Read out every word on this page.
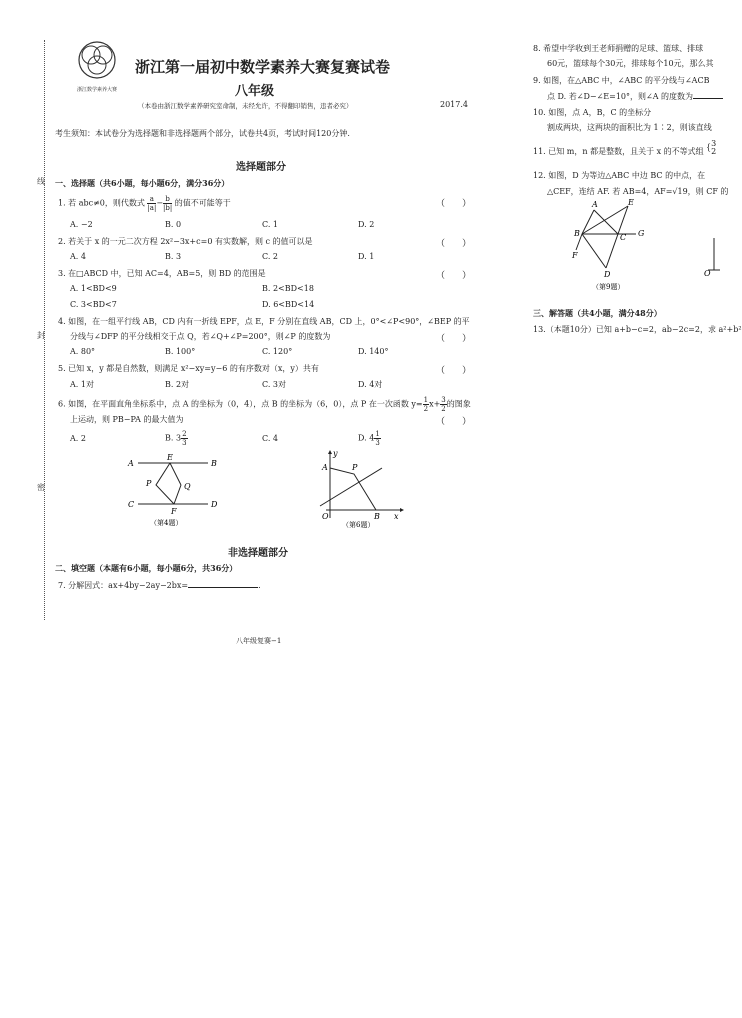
线
封
密
浙江数学素养大赛
浙江第一届初中数学素养大赛复赛试卷
八年级
（本卷由浙江数学素养研究室命制，未经允许，不得翻印销售，违者必究）	2017.4
考生须知：本试卷分为选择题和非选择题两个部分，试卷共4页，考试时间120分钟.
选择题部分
一、选择题（共6小题，每小题6分，满分36分）
1. 若 abc≠0，则代数式 $\frac{a}{|a|} - \frac{b}{|b|}$ 的值不可能等于	（      ）
A. −2	B. 0	C. 1	D. 2
2. 若关于 x 的一元二次方程 2x²−3x+c=0 有实数解，则 c 的值可以是	（      ）
A. 4	B. 3	C. 2	D. 1
3. 在□ABCD 中，已知 AC=4，AB=5，则 BD 的范围是	（      ）
A. 1<BD<9	B. 2<BD<18
C. 3<BD<7	D. 6<BD<14
4. 如图，在一组平行线 AB，CD 内有一折线 EPF，点 E，F 分别在直线 AB，CD 上，0°<∠P<90°，∠BEP 的平
分线与∠DFP 的平分线相交于点 Q，若∠Q+∠P=200°，则∠P 的度数为	（      ）
A. 80°	B. 100°	C. 120°	D. 140°
5. 已知 x，y 都是自然数，则满足 x²−xy=y−6 的有序数对（x，y）共有	（      ）
A. 1对	B. 2对	C. 3对	D. 4对
6. 如图，在平面直角坐标系中，点 A 的坐标为（0，4），点 B 的坐标为（6，0），点 P 在一次函数 $y= \frac{1}{2} x+ \frac{3}{2}$ 的图象
上运动，则 PB−PA 的最大值为	（      ）
A. 2	B. $3 \frac{2}{3}$	C. 4	D. $4 \frac{1}{3}$
A
E
B
P	Q
C
F
D
（第4题）
A
y
P
O	B x
（第6题）
非选择题部分
二、填空题（本题有6小题，每小题6分，共36分）
7. 分解因式：ax+4by−2ay−2bx=	.
八年级复赛−1
8. 希望中学收到王老师捐赠的足球、篮球、排球
60元，篮球每个30元，排球每个10元，那么其
9. 如图，在△ABC 中，∠ABC 的平分线与∠ACB
点 D. 若∠D−∠E=10°，则∠A 的度数为
10. 如图，点 A，B，C 的坐标分
割成两块，这两块的面积比为 1∶2，则该直线
11. 已知 m，n 都是整数，且关于 x 的不等式组 {3
2
12. 如图，D 为等边△ABC 中边 BC 的中点，在
△CEF，连结 AF. 若 AB=4，AF=√19，则 CF 的
A	E
B	C G
F
D
（第9题）
O
三、解答题（共4小题，满分48分）
13.（本题10分）已知 a+b−c=2，ab−2c=2，求 a²+b²
